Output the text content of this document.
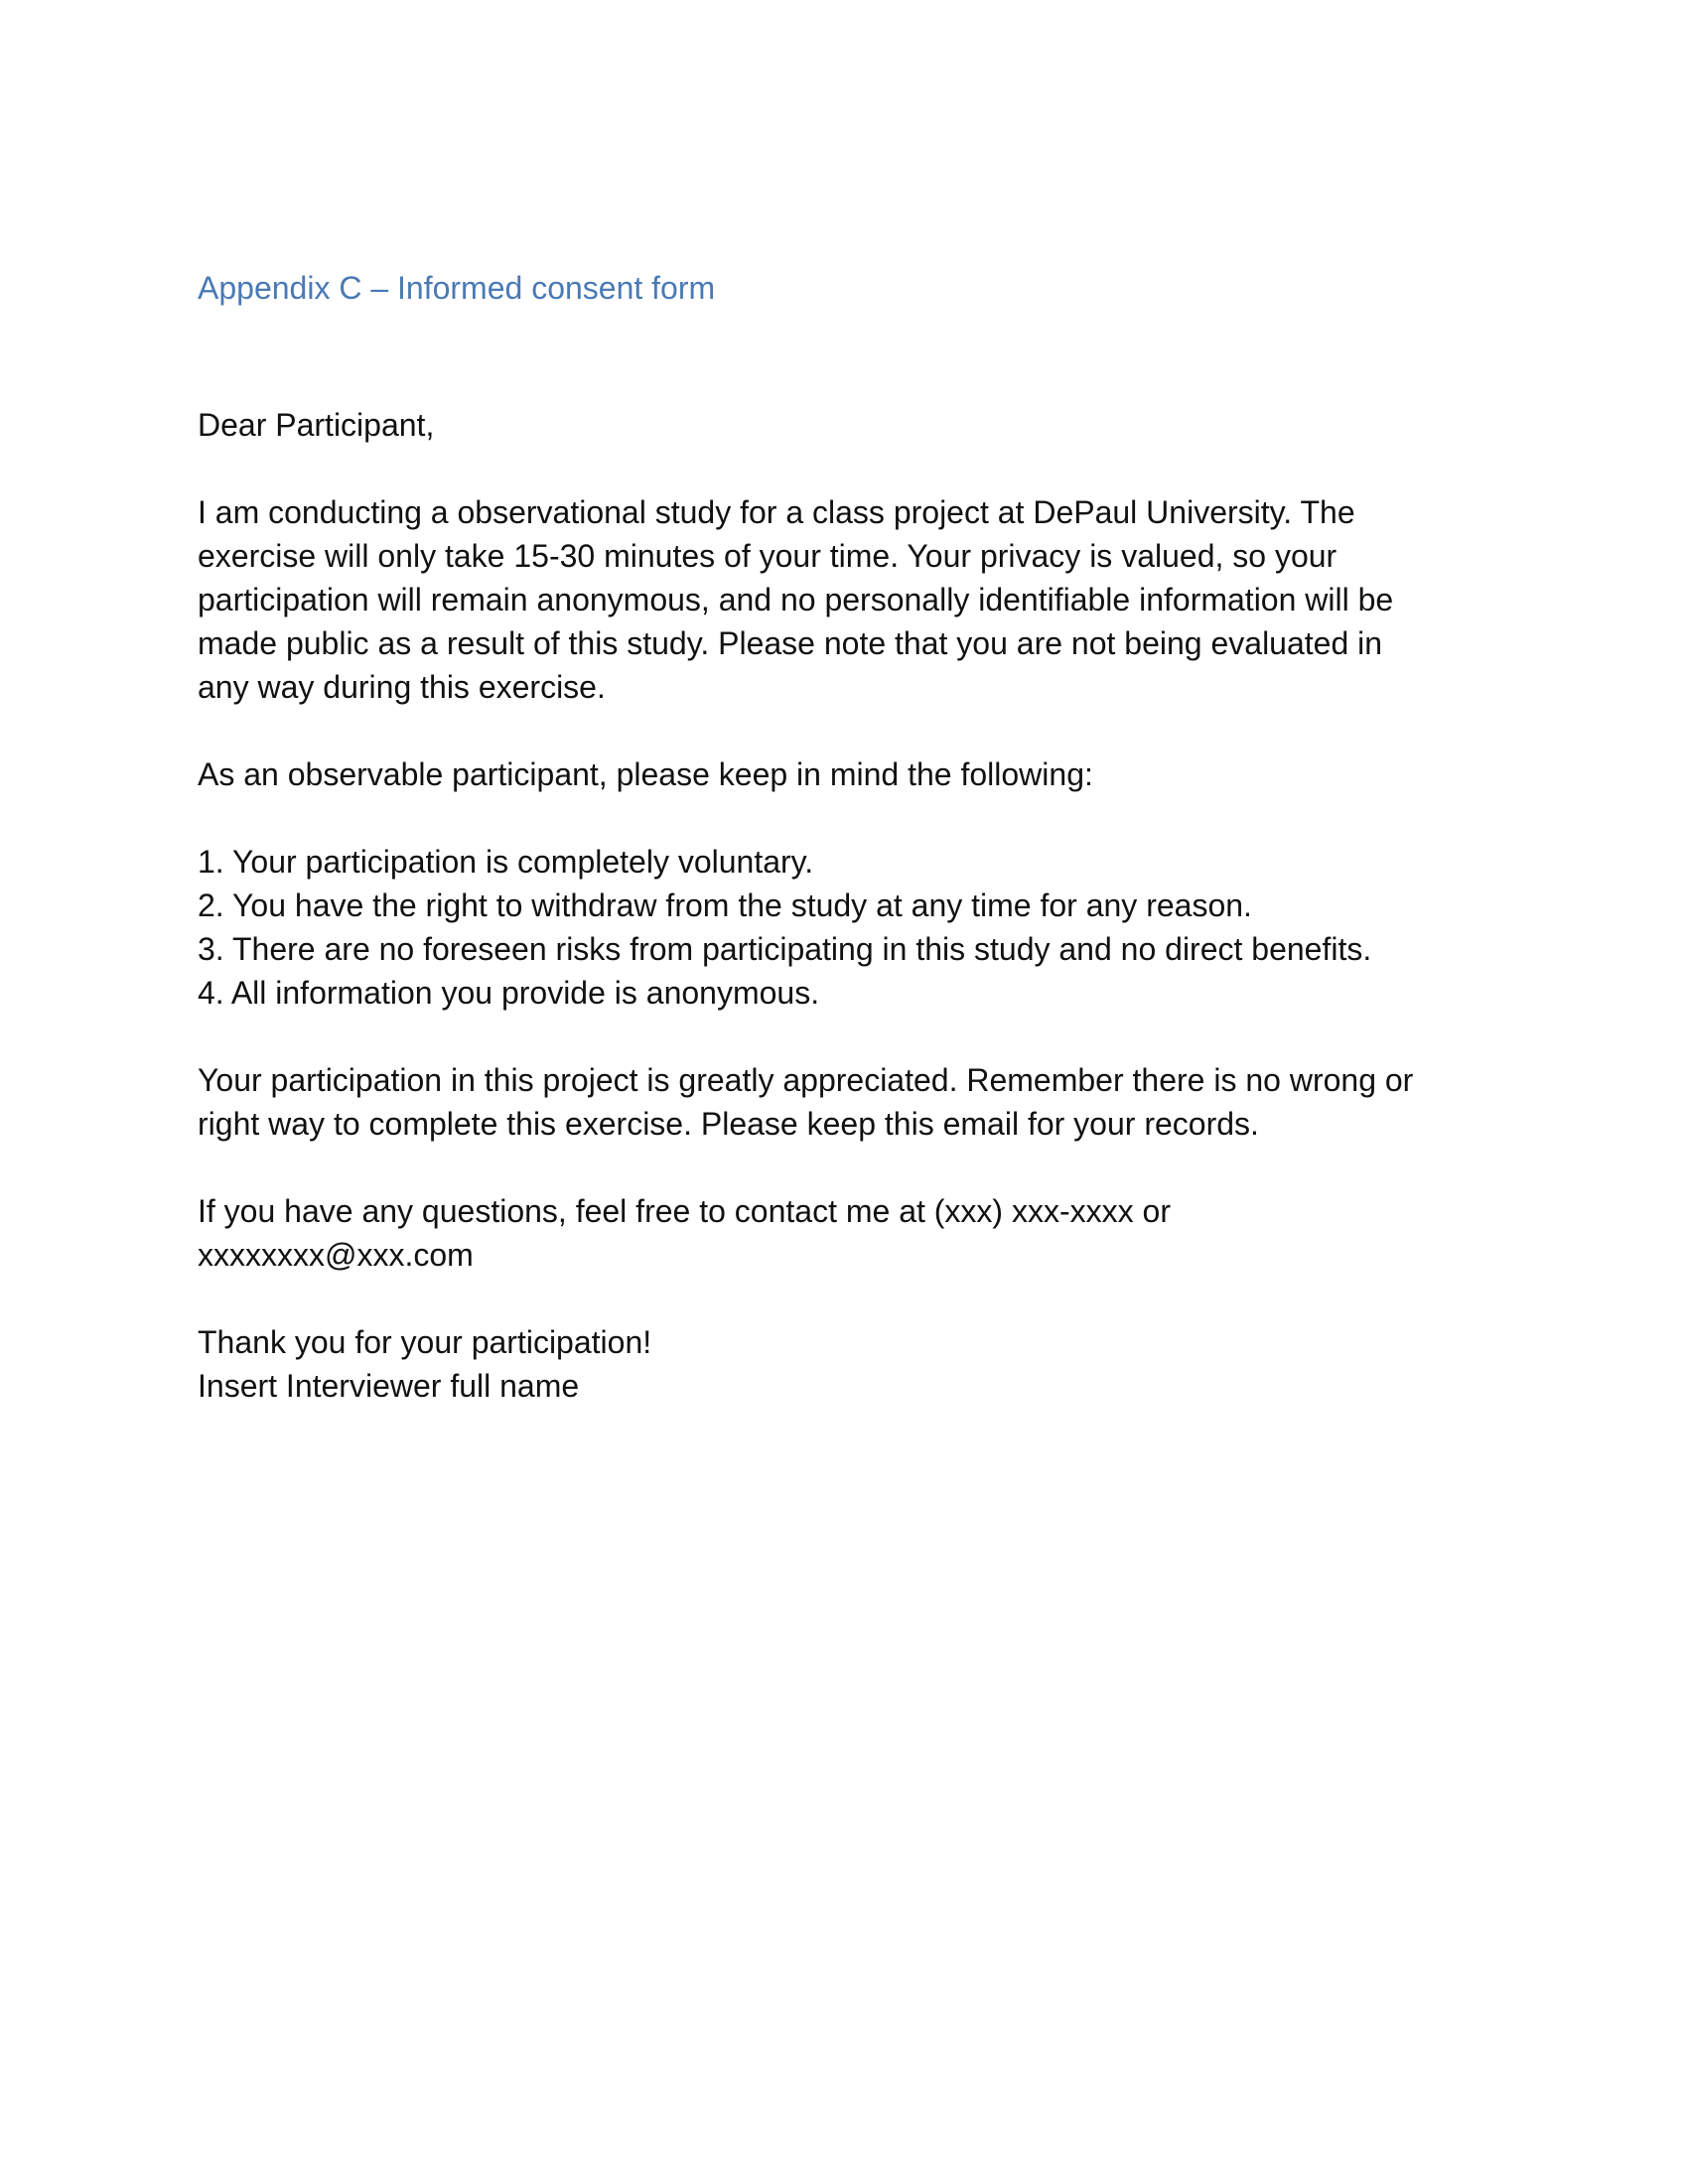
Appendix C – Informed consent form

Dear Participant,

I am conducting a observational study for a class project at DePaul University. The
exercise will only take 15-30 minutes of your time. Your privacy is valued, so your
participation will remain anonymous, and no personally identifiable information will be
made public as a result of this study. Please note that you are not being evaluated in
any way during this exercise.

As an observable participant, please keep in mind the following:

1. Your participation is completely voluntary.
2. You have the right to withdraw from the study at any time for any reason.
3. There are no foreseen risks from participating in this study and no direct benefits.
4. All information you provide is anonymous.

Your participation in this project is greatly appreciated. Remember there is no wrong or
right way to complete this exercise. Please keep this email for your records.

If you have any questions, feel free to contact me at (xxx) xxx-xxxx or
xxxxxxxx@xxx.com

Thank you for your participation!
Insert Interviewer full name
